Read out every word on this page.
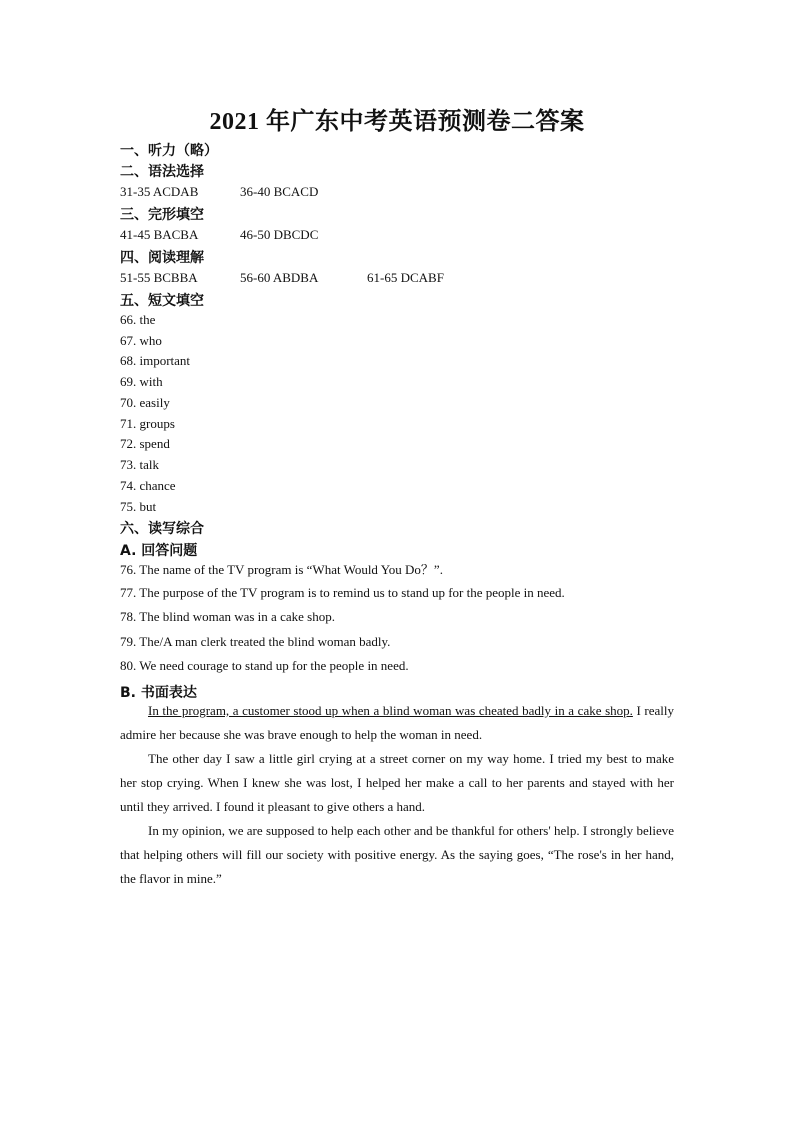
2021 年广东中考英语预测卷二答案
一、听力（略）
二、语法选择
31-35 ACDAB	36-40 BCACD
三、完形填空
41-45 BACBA	46-50 DBCDC
四、阅读理解
51-55 BCBBA	56-60 ABDBA	61-65 DCABF
五、短文填空
66. the
67. who
68. important
69. with
70. easily
71. groups
72. spend
73. talk
74. chance
75. but
六、读写综合
A. 回答问题
76. The name of the TV program is “What Would You Do？”.
77. The purpose of the TV program is to remind us to stand up for the people in need.
78. The blind woman was in a cake shop.
79. The/A man clerk treated the blind woman badly.
80. We need courage to stand up for the people in need.
B. 书面表达
In the program, a customer stood up when a blind woman was cheated badly in a cake shop. I really admire her because she was brave enough to help the woman in need.
The other day I saw a little girl crying at a street corner on my way home. I tried my best to make her stop crying. When I knew she was lost, I helped her make a call to her parents and stayed with her until they arrived. I found it pleasant to give others a hand.
In my opinion, we are supposed to help each other and be thankful for others' help. I strongly believe that helping others will fill our society with positive energy. As the saying goes, “The rose's in her hand, the flavor in mine.”
